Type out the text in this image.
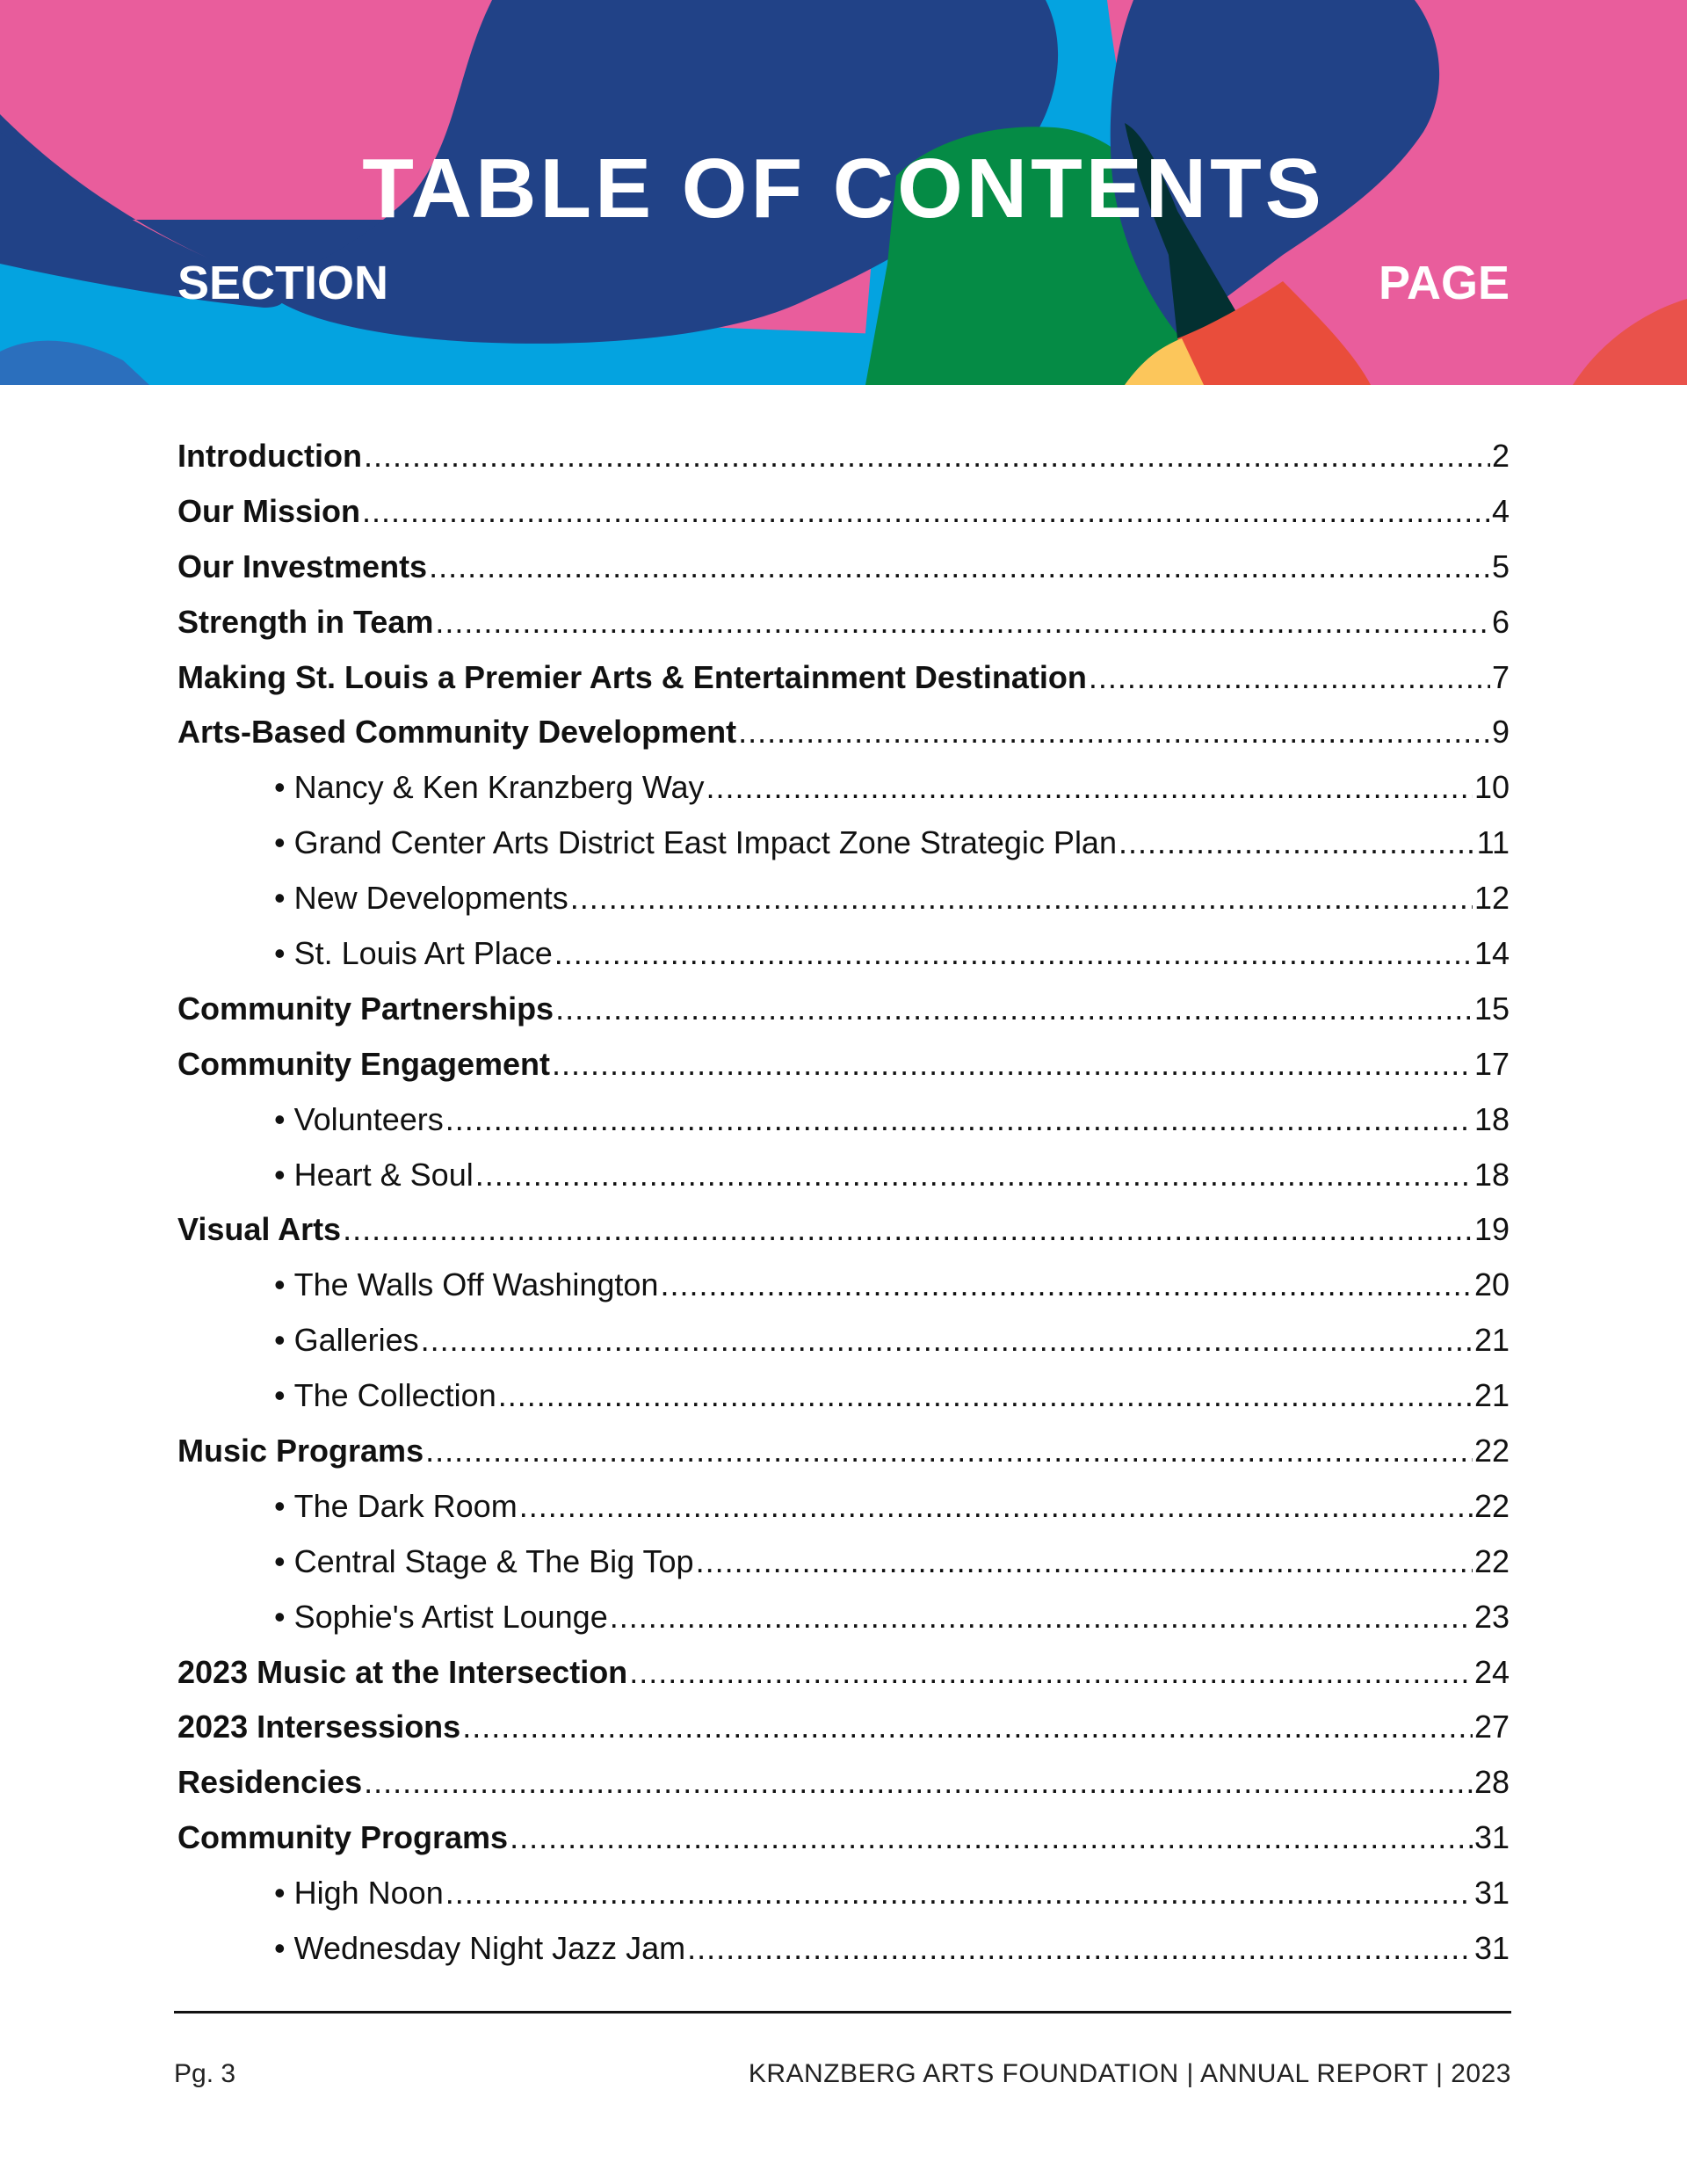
TABLE OF CONTENTS
SECTION	PAGE
Introduction .....	2
Our Mission .....	4
Our Investments .....	5
Strength in Team .....	6
Making St. Louis a Premier Arts & Entertainment Destination .....	7
Arts-Based Community Development .....	9
• Nancy & Ken Kranzberg Way .....	10
• Grand Center Arts District East Impact Zone Strategic Plan .....	11
• New Developments .....	12
• St. Louis Art Place .....	14
Community Partnerships .....	15
Community Engagement .....	17
• Volunteers .....	18
• Heart & Soul .....	18
Visual Arts .....	19
• The Walls Off Washington .....	20
• Galleries .....	21
• The Collection .....	21
Music Programs .....	22
• The Dark Room .....	22
• Central Stage & The Big Top .....	22
• Sophie's Artist Lounge .....	23
2023 Music at the Intersection .....	24
2023 Intersessions .....	27
Residencies .....	28
Community Programs .....	31
• High Noon .....	31
• Wednesday Night Jazz Jam .....	31
Pg. 3	KRANZBERG ARTS FOUNDATION | ANNUAL REPORT | 2023
